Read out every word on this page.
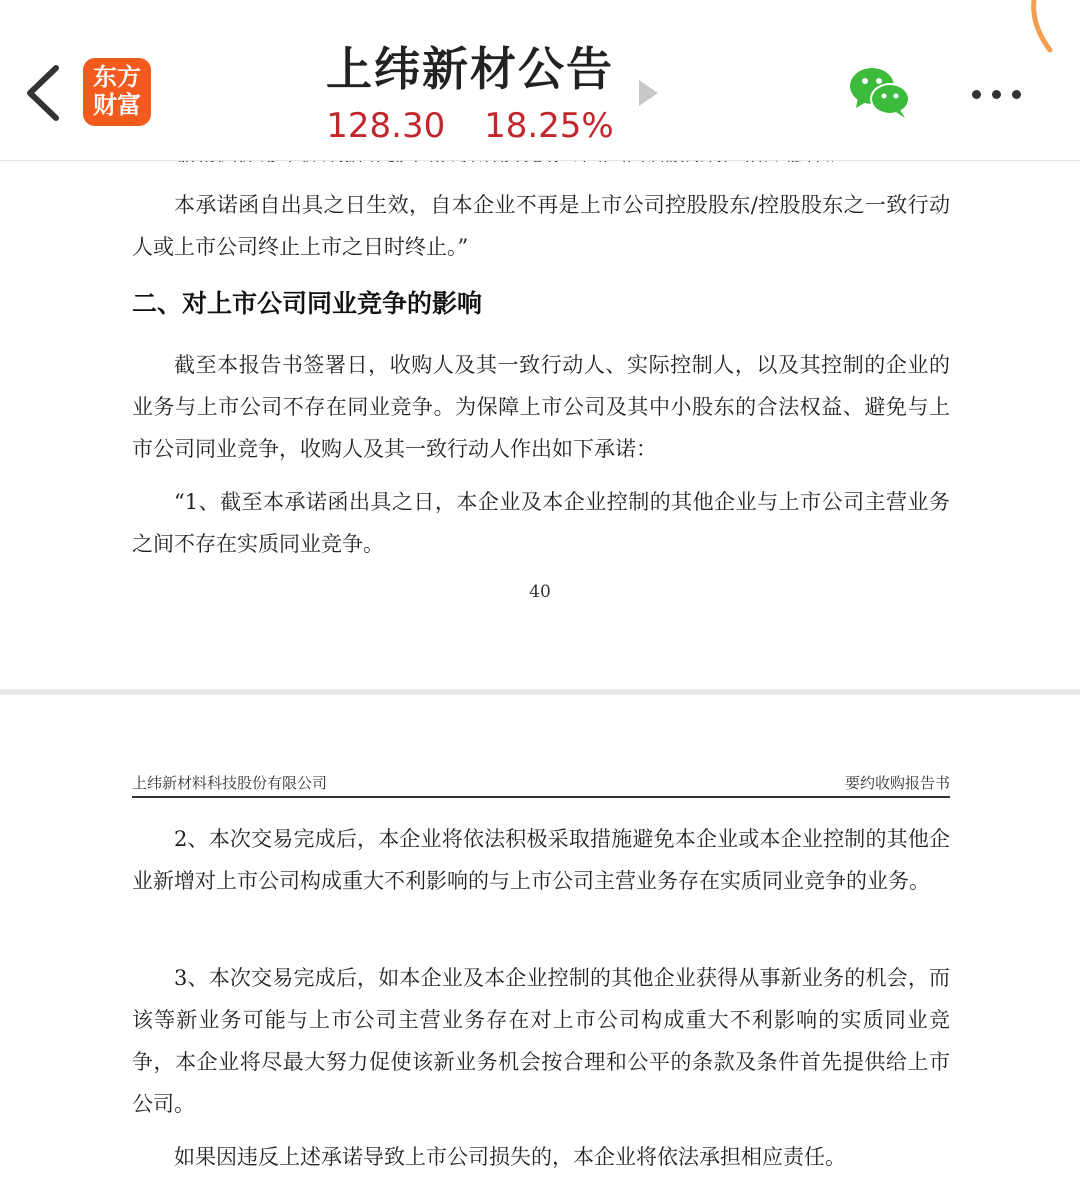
本承诺函自出具之日生效，自本企业不再是上市公司控股股东/控股股东之一致行动人或上市公司终止上市之日时终止。”

二、对上市公司同业竞争的影响

截至本报告书签署日，收购人及其一致行动人、实际控制人，以及其控制的企业的业务与上市公司不存在同业竞争。为保障上市公司及其中小股东的合法权益、避免与上市公司同业竞争，收购人及其一致行动人作出如下承诺：

“1、截至本承诺函出具之日，本企业及本企业控制的其他企业与上市公司主营业务之间不存在实质同业竞争。

40
上纬新材料科技股份有限公司	要约收购报告书

2、本次交易完成后，本企业将依法积极采取措施避免本企业或本企业控制的其他企业新增对上市公司构成重大不利影响的与上市公司主营业务存在实质同业竞争的业务。

3、本次交易完成后，如本企业及本企业控制的其他企业获得从事新业务的机会，而该等新业务可能与上市公司主营业务存在对上市公司构成重大不利影响的实质同业竞争，本企业将尽最大努力促使该新业务机会按合理和公平的条款及条件首先提供给上市公司。

如果因违反上述承诺导致上市公司损失的，本企业将依法承担相应责任。

东方
财富
上纬新材公告
128.30 18.25%
